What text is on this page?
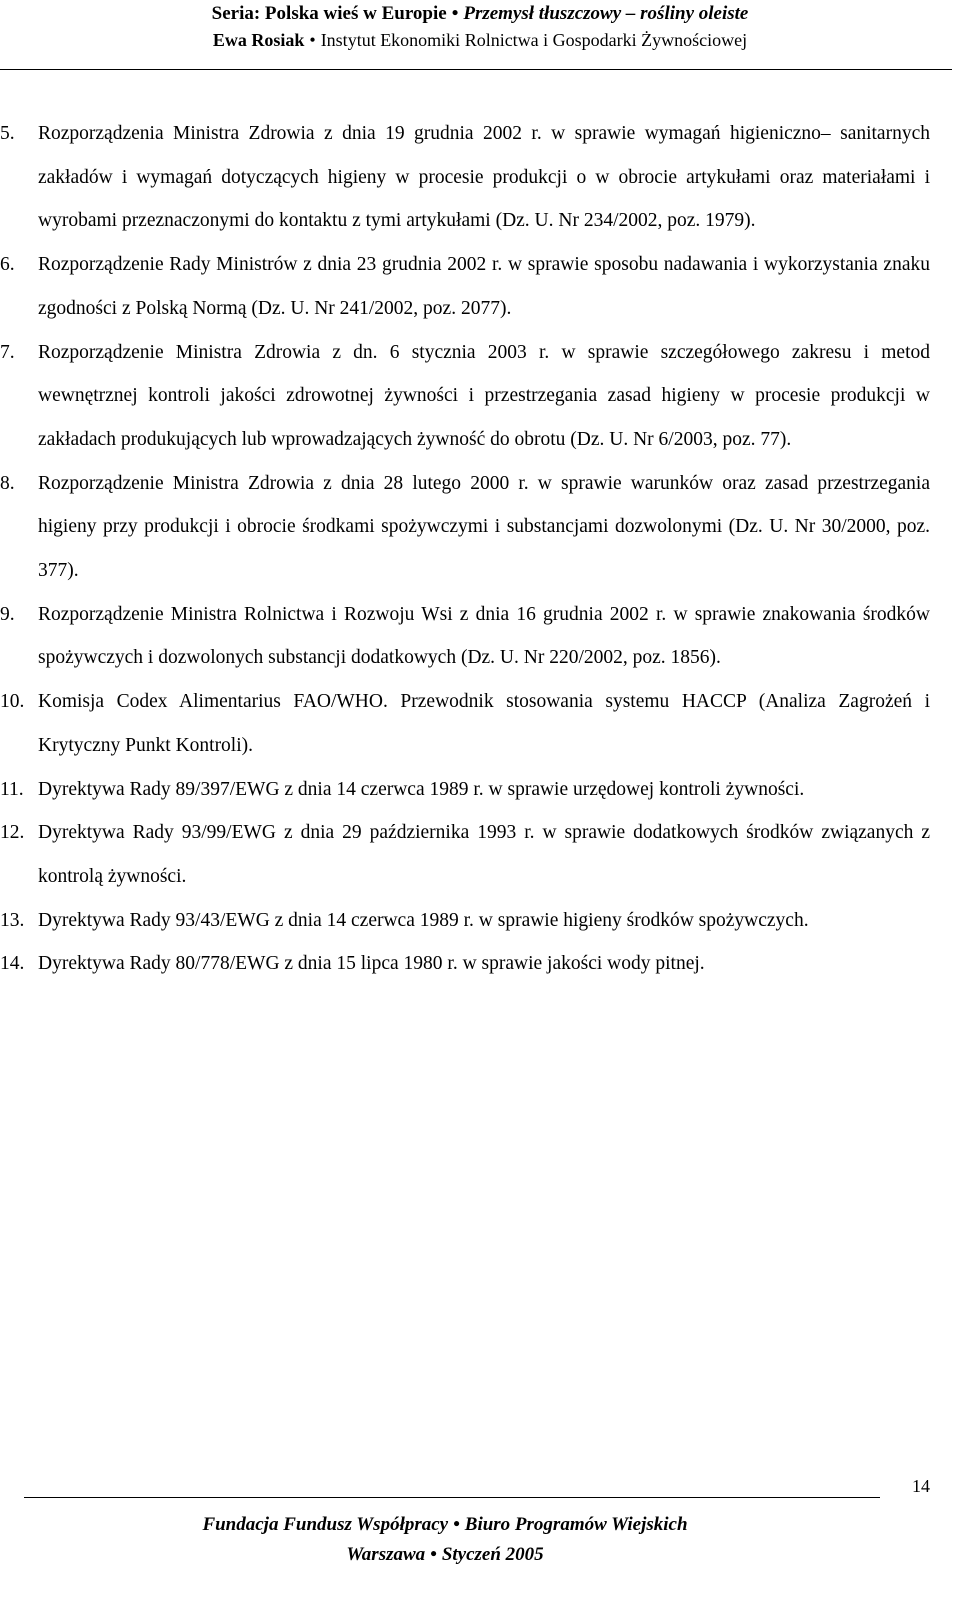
Seria: Polska wieś w Europie • Przemysł tłuszczowy – rośliny oleiste
Ewa Rosiak • Instytut Ekonomiki Rolnictwa i Gospodarki Żywnościowej
5.	Rozporządzenia Ministra Zdrowia z dnia 19 grudnia 2002 r. w sprawie wymagań higieniczno– sanitarnych zakładów i wymagań dotyczących higieny w procesie produkcji o w obrocie artykułami oraz materiałami i wyrobami przeznaczonymi do kontaktu z tymi artykułami (Dz. U. Nr 234/2002, poz. 1979).
6.	Rozporządzenie Rady Ministrów z dnia 23 grudnia 2002 r. w sprawie sposobu nadawania i wykorzystania znaku zgodności z Polską Normą (Dz. U. Nr 241/2002, poz. 2077).
7.	Rozporządzenie Ministra Zdrowia z dn. 6 stycznia 2003 r. w sprawie szczegółowego zakresu i metod wewnętrznej kontroli jakości zdrowotnej żywności i przestrzegania zasad higieny w procesie produkcji w zakładach produkujących lub wprowadzających żywność do obrotu (Dz. U. Nr 6/2003, poz. 77).
8.	Rozporządzenie Ministra Zdrowia z dnia 28 lutego 2000 r. w sprawie warunków oraz zasad przestrzegania higieny przy produkcji i obrocie środkami spożywczymi i substancjami dozwolonymi (Dz. U. Nr 30/2000, poz. 377).
9.	Rozporządzenie Ministra Rolnictwa i Rozwoju Wsi z dnia 16 grudnia 2002 r. w sprawie znakowania środków spożywczych i dozwolonych substancji dodatkowych (Dz. U. Nr 220/2002, poz. 1856).
10. Komisja Codex Alimentarius FAO/WHO. Przewodnik stosowania systemu HACCP (Analiza Zagrożeń i Krytyczny Punkt Kontroli).
11. Dyrektywa Rady 89/397/EWG z dnia 14 czerwca 1989 r. w sprawie urzędowej kontroli żywności.
12. Dyrektywa Rady 93/99/EWG z dnia 29 października 1993 r. w sprawie dodatkowych środków związanych z kontrolą żywności.
13. Dyrektywa Rady 93/43/EWG z dnia 14 czerwca 1989 r. w sprawie higieny środków spożywczych.
14. Dyrektywa Rady 80/778/EWG z dnia 15 lipca 1980 r. w sprawie jakości wody pitnej.
14
Fundacja Fundusz Współpracy • Biuro Programów Wiejskich
Warszawa • Styczeń 2005
